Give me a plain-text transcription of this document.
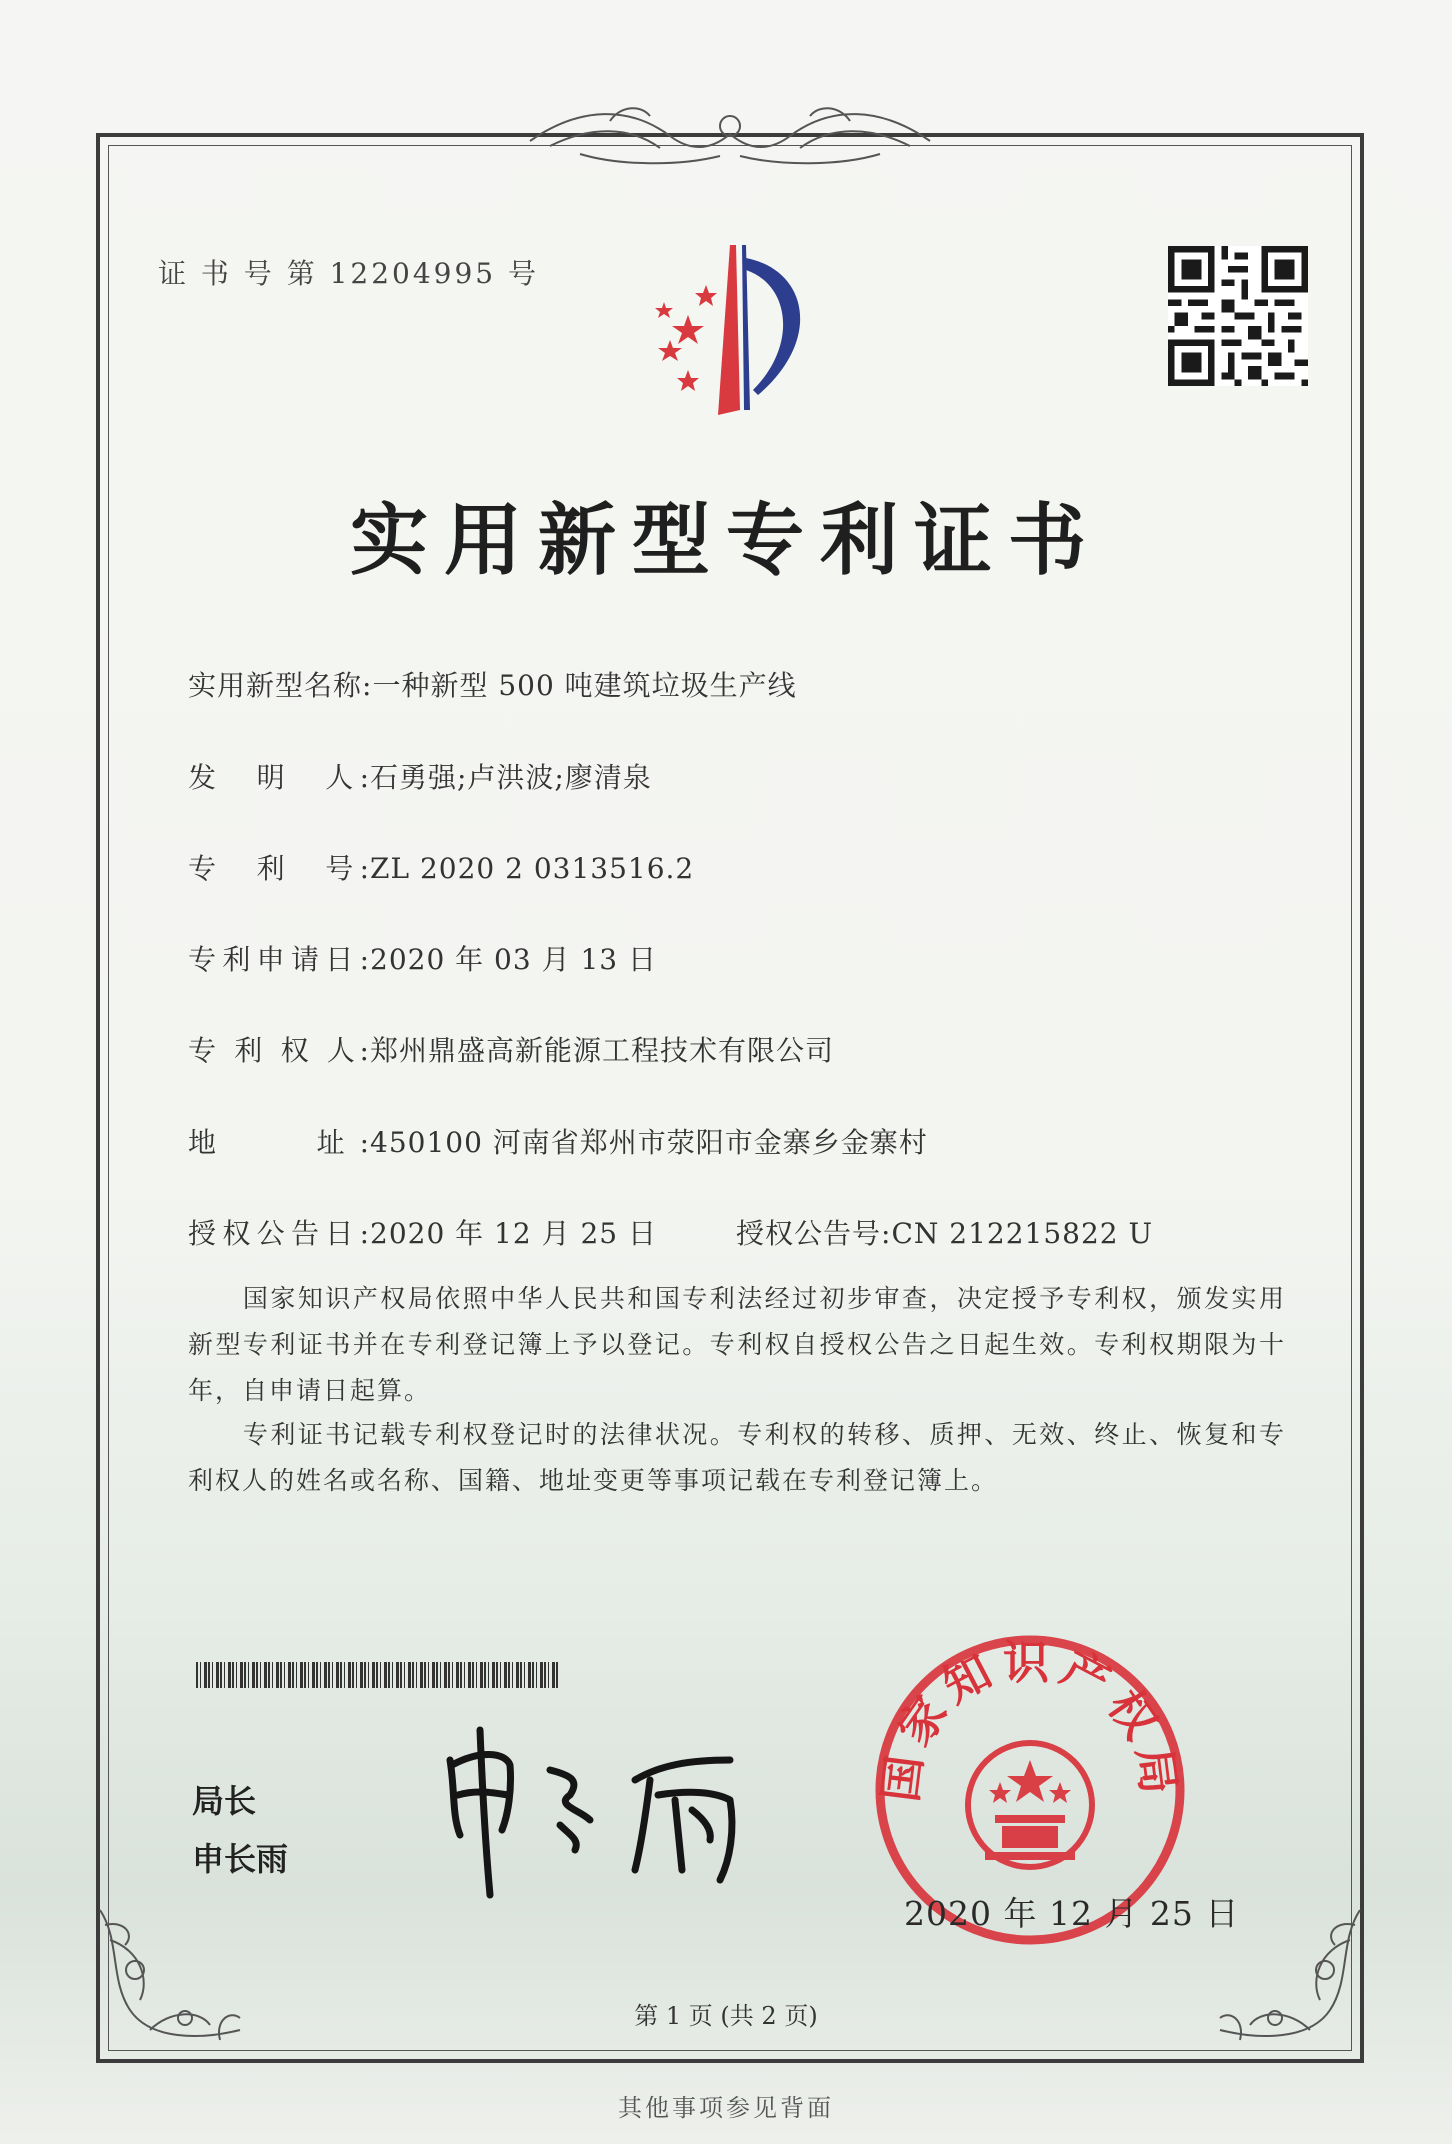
证 书 号 第 12204995 号
实用新型专利证书
实用新型名称:一种新型 500 吨建筑垃圾生产线
发　明　人:石勇强;卢洪波;廖清泉
专　利　号:ZL 2020 2 0313516.2
专利申请日:2020 年 03 月 13 日
专 利 权 人:郑州鼎盛高新能源工程技术有限公司
地　　址:450100 河南省郑州市荥阳市金寨乡金寨村
授权公告日:2020 年 12 月 25 日	授权公告号:CN 212215822 U
　　国家知识产权局依照中华人民共和国专利法经过初步审查，决定授予专利权，颁发实用新型专利证书并在专利登记簿上予以登记。专利权自授权公告之日起生效。专利权期限为十年，自申请日起算。
　　专利证书记载专利权登记时的法律状况。专利权的转移、质押、无效、终止、恢复和专利权人的姓名或名称、国籍、地址变更等事项记载在专利登记簿上。
局长
申长雨
国家知识产权局
2020 年 12 月 25 日
第 1 页 (共 2 页)
其他事项参见背面
